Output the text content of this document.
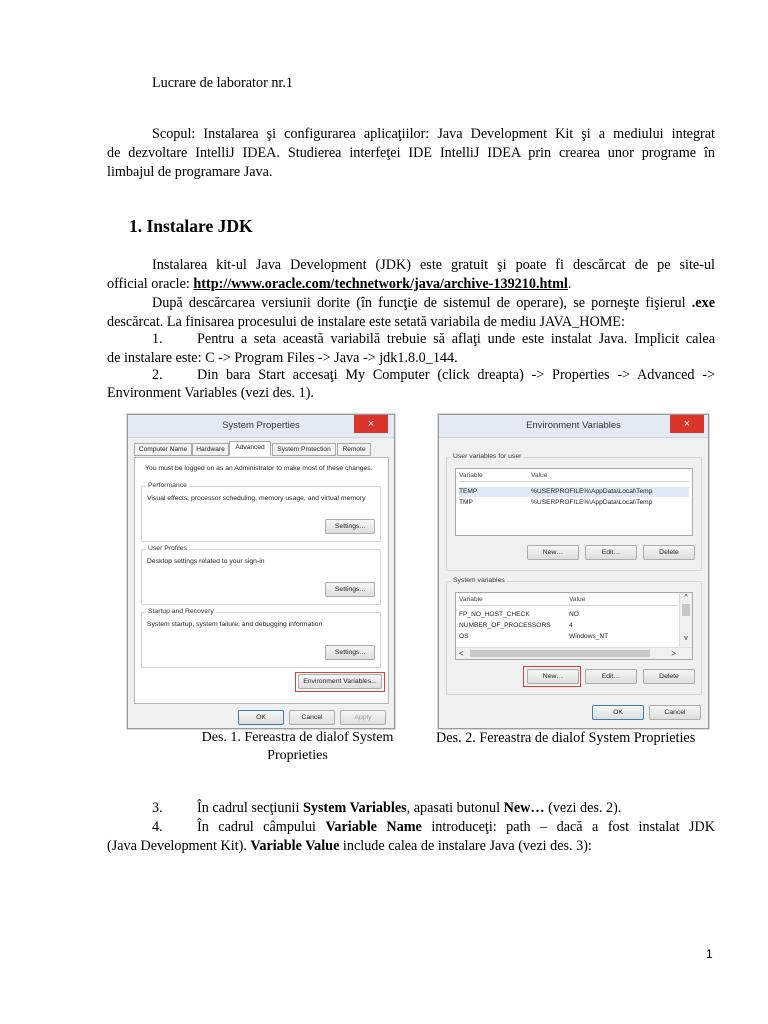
Lucrare de laborator nr.1
Scopul: Instalarea şi configurarea aplicaţiilor: Java Development Kit şi a mediului integrat
de dezvoltare IntelliJ IDEA. Studierea interfeţei IDE IntelliJ IDEA prin crearea unor programe în
limbajul de programare Java.
1. Instalare JDK
Instalarea kit-ul Java Development (JDK) este gratuit şi poate fi descărcat de pe site-ul
official oracle: http://www.oracle.com/technetwork/java/archive-139210.html.
După descărcarea versiunii dorite (în funcţie de sistemul de operare), se porneşte fişierul .exe
descărcat. La finisarea procesului de instalare este setată variabila de mediu JAVA_HOME:
1. Pentru a seta această variabilă trebuie să aflaţi unde este instalat Java. Implicit calea
de instalare este: C -> Program Files -> Java -> jdk1.8.0_144.
2. Din bara Start accesaţi My Computer (click dreapta) -> Properties -> Advanced ->
Environment Variables (vezi des. 1).
System Properties	×
Computer Name	Hardware	Advanced	System Protection	Remote
You must be logged on as an Administrator to make most of these changes.
Performance
Visual effects, processor scheduling, memory usage, and virtual memory
Settings...
User Profiles
Desktop settings related to your sign-in
Settings...
Startup and Recovery
System startup, system failure, and debugging information
Settings...
Environment Variables...
OK	Cancel	Apply
Des. 1. Fereastra de dialof System
Proprieties
Environment Variables	×
User variables for user
Variable	Value
TEMP	%USERPROFILE%\AppData\Local\Temp
TMP	%USERPROFILE%\AppData\Local\Temp
New…	Edit…	Delete
System variables
Variable	Value
FP_NO_HOST_CHECK	NO
NUMBER_OF_PROCESSORS	4
OS	Windows_NT
^
v
<	>
New…	Edit…	Delete
OK	Cancel
Des. 2. Fereastra de dialof System Proprieties
3. În cadrul secţiunii System Variables, apasati butonul New… (vezi des. 2).
4. În cadrul câmpului Variable Name introduceţi: path – dacă a fost instalat JDK
(Java Development Kit). Variable Value include calea de instalare Java (vezi des. 3):
1
